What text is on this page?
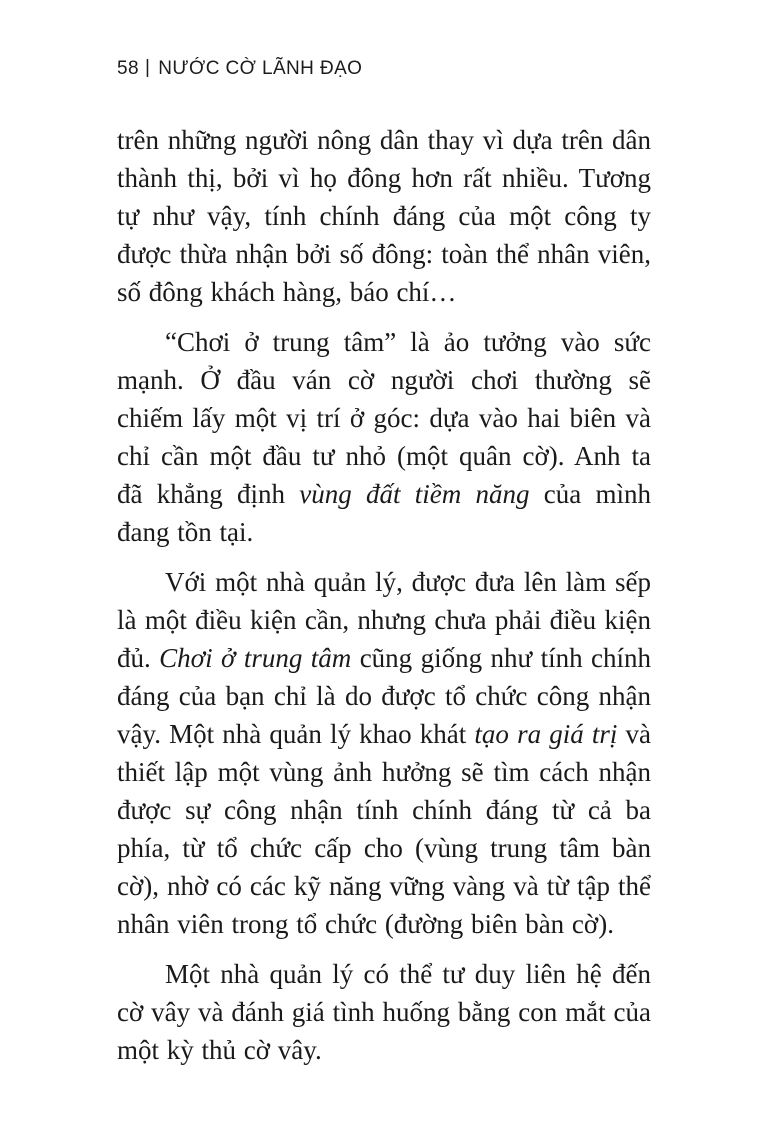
58 | NƯỚC CỜ LÃNH ĐẠO

trên những người nông dân thay vì dựa trên dân thành thị, bởi vì họ đông hơn rất nhiều. Tương tự như vậy, tính chính đáng của một công ty được thừa nhận bởi số đông: toàn thể nhân viên, số đông khách hàng, báo chí…

“Chơi ở trung tâm” là ảo tưởng vào sức mạnh. Ở đầu ván cờ người chơi thường sẽ chiếm lấy một vị trí ở góc: dựa vào hai biên và chỉ cần một đầu tư nhỏ (một quân cờ). Anh ta đã khẳng định vùng đất tiềm năng của mình đang tồn tại.

Với một nhà quản lý, được đưa lên làm sếp là một điều kiện cần, nhưng chưa phải điều kiện đủ. Chơi ở trung tâm cũng giống như tính chính đáng của bạn chỉ là do được tổ chức công nhận vậy. Một nhà quản lý khao khát tạo ra giá trị và thiết lập một vùng ảnh hưởng sẽ tìm cách nhận được sự công nhận tính chính đáng từ cả ba phía, từ tổ chức cấp cho (vùng trung tâm bàn cờ), nhờ có các kỹ năng vững vàng và từ tập thể nhân viên trong tổ chức (đường biên bàn cờ).

Một nhà quản lý có thể tư duy liên hệ đến cờ vây và đánh giá tình huống bằng con mắt của một kỳ thủ cờ vây.
